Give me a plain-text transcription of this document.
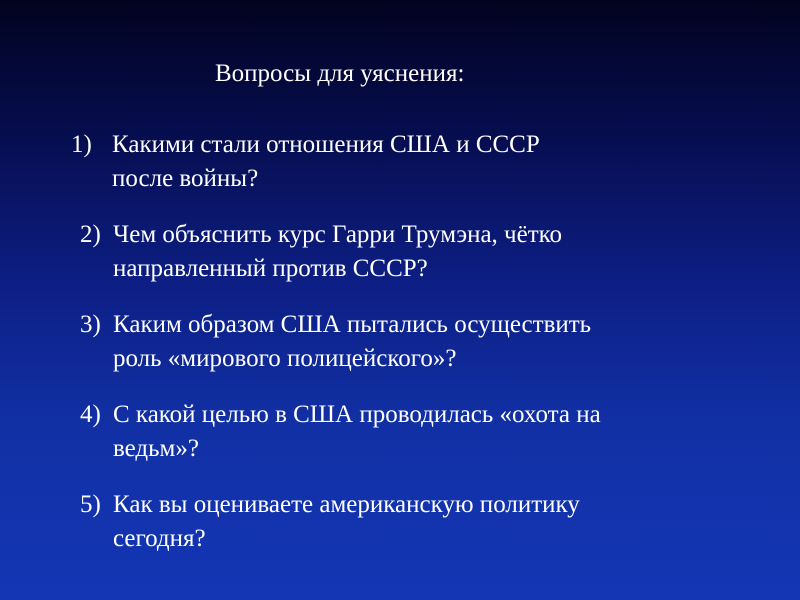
Вопросы для уяснения:
1) Какими стали отношения США и СССР
после войны?
2) Чем объяснить курс Гарри Трумэна, чётко
направленный против СССР?
3) Каким образом США пытались осуществить
роль «мирового полицейского»?
4) С какой целью в США проводилась «охота на
ведьм»?
5) Как вы оцениваете американскую политику
сегодня?
